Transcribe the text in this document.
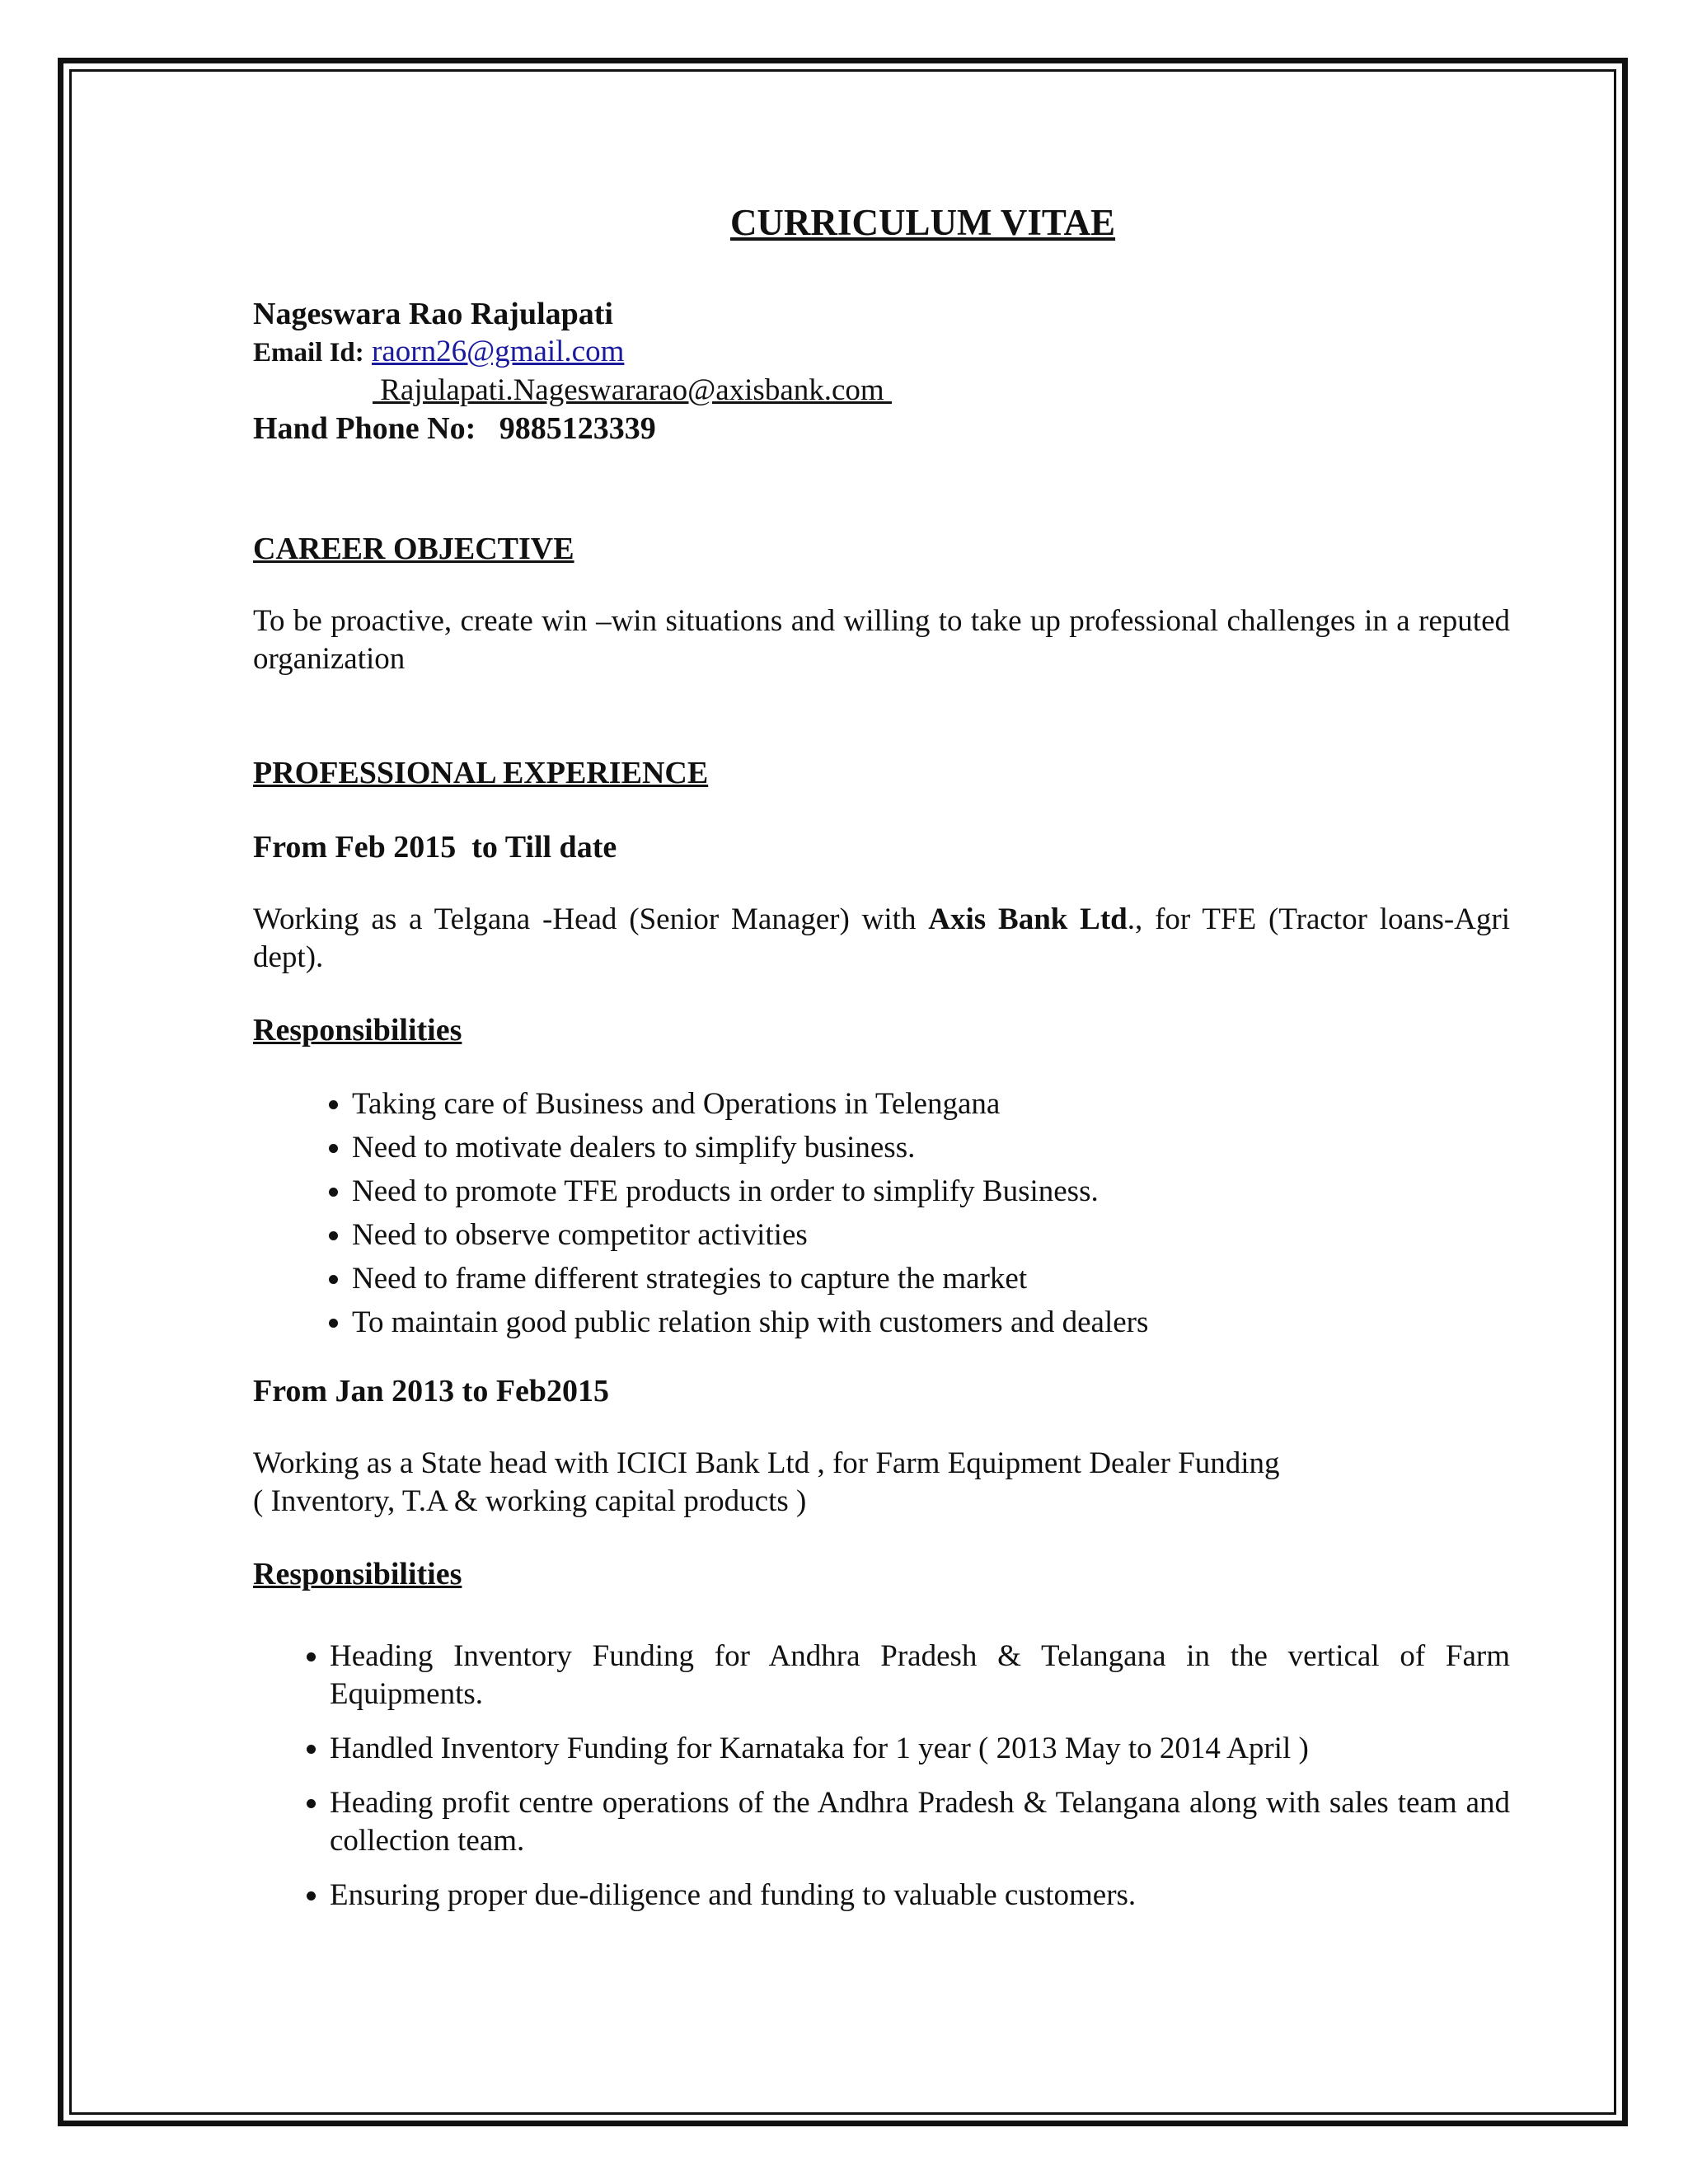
CURRICULUM VITAE
Nageswara Rao Rajulapati
Email Id: raorn26@gmail.com
Rajulapati.Nageswararao@axisbank.com
Hand Phone No: 9885123339
CAREER OBJECTIVE

To be proactive, create win –win situations and willing to take up professional challenges in a reputed organization

PROFESSIONAL EXPERIENCE
From Feb 2015  to Till date

Working as a Telgana -Head (Senior Manager) with Axis Bank Ltd., for TFE (Tractor loans-Agri dept).

Responsibilities
• Taking care of Business and Operations in Telengana
• Need to motivate dealers to simplify business.
• Need to promote TFE products in order to simplify Business.
• Need to observe competitor activities
• Need to frame different strategies to capture the market
• To maintain good public relation ship with customers and dealers
From Jan 2013 to Feb2015

Working as a State head with ICICI Bank Ltd , for Farm Equipment Dealer Funding
( Inventory, T.A & working capital products )

Responsibilities
• Heading Inventory Funding for Andhra Pradesh & Telangana in the vertical of Farm Equipments.
• Handled Inventory Funding for Karnataka for 1 year ( 2013 May to 2014 April )
• Heading profit centre operations of the Andhra Pradesh & Telangana along with sales team and collection team.
• Ensuring proper due-diligence and funding to valuable customers.
